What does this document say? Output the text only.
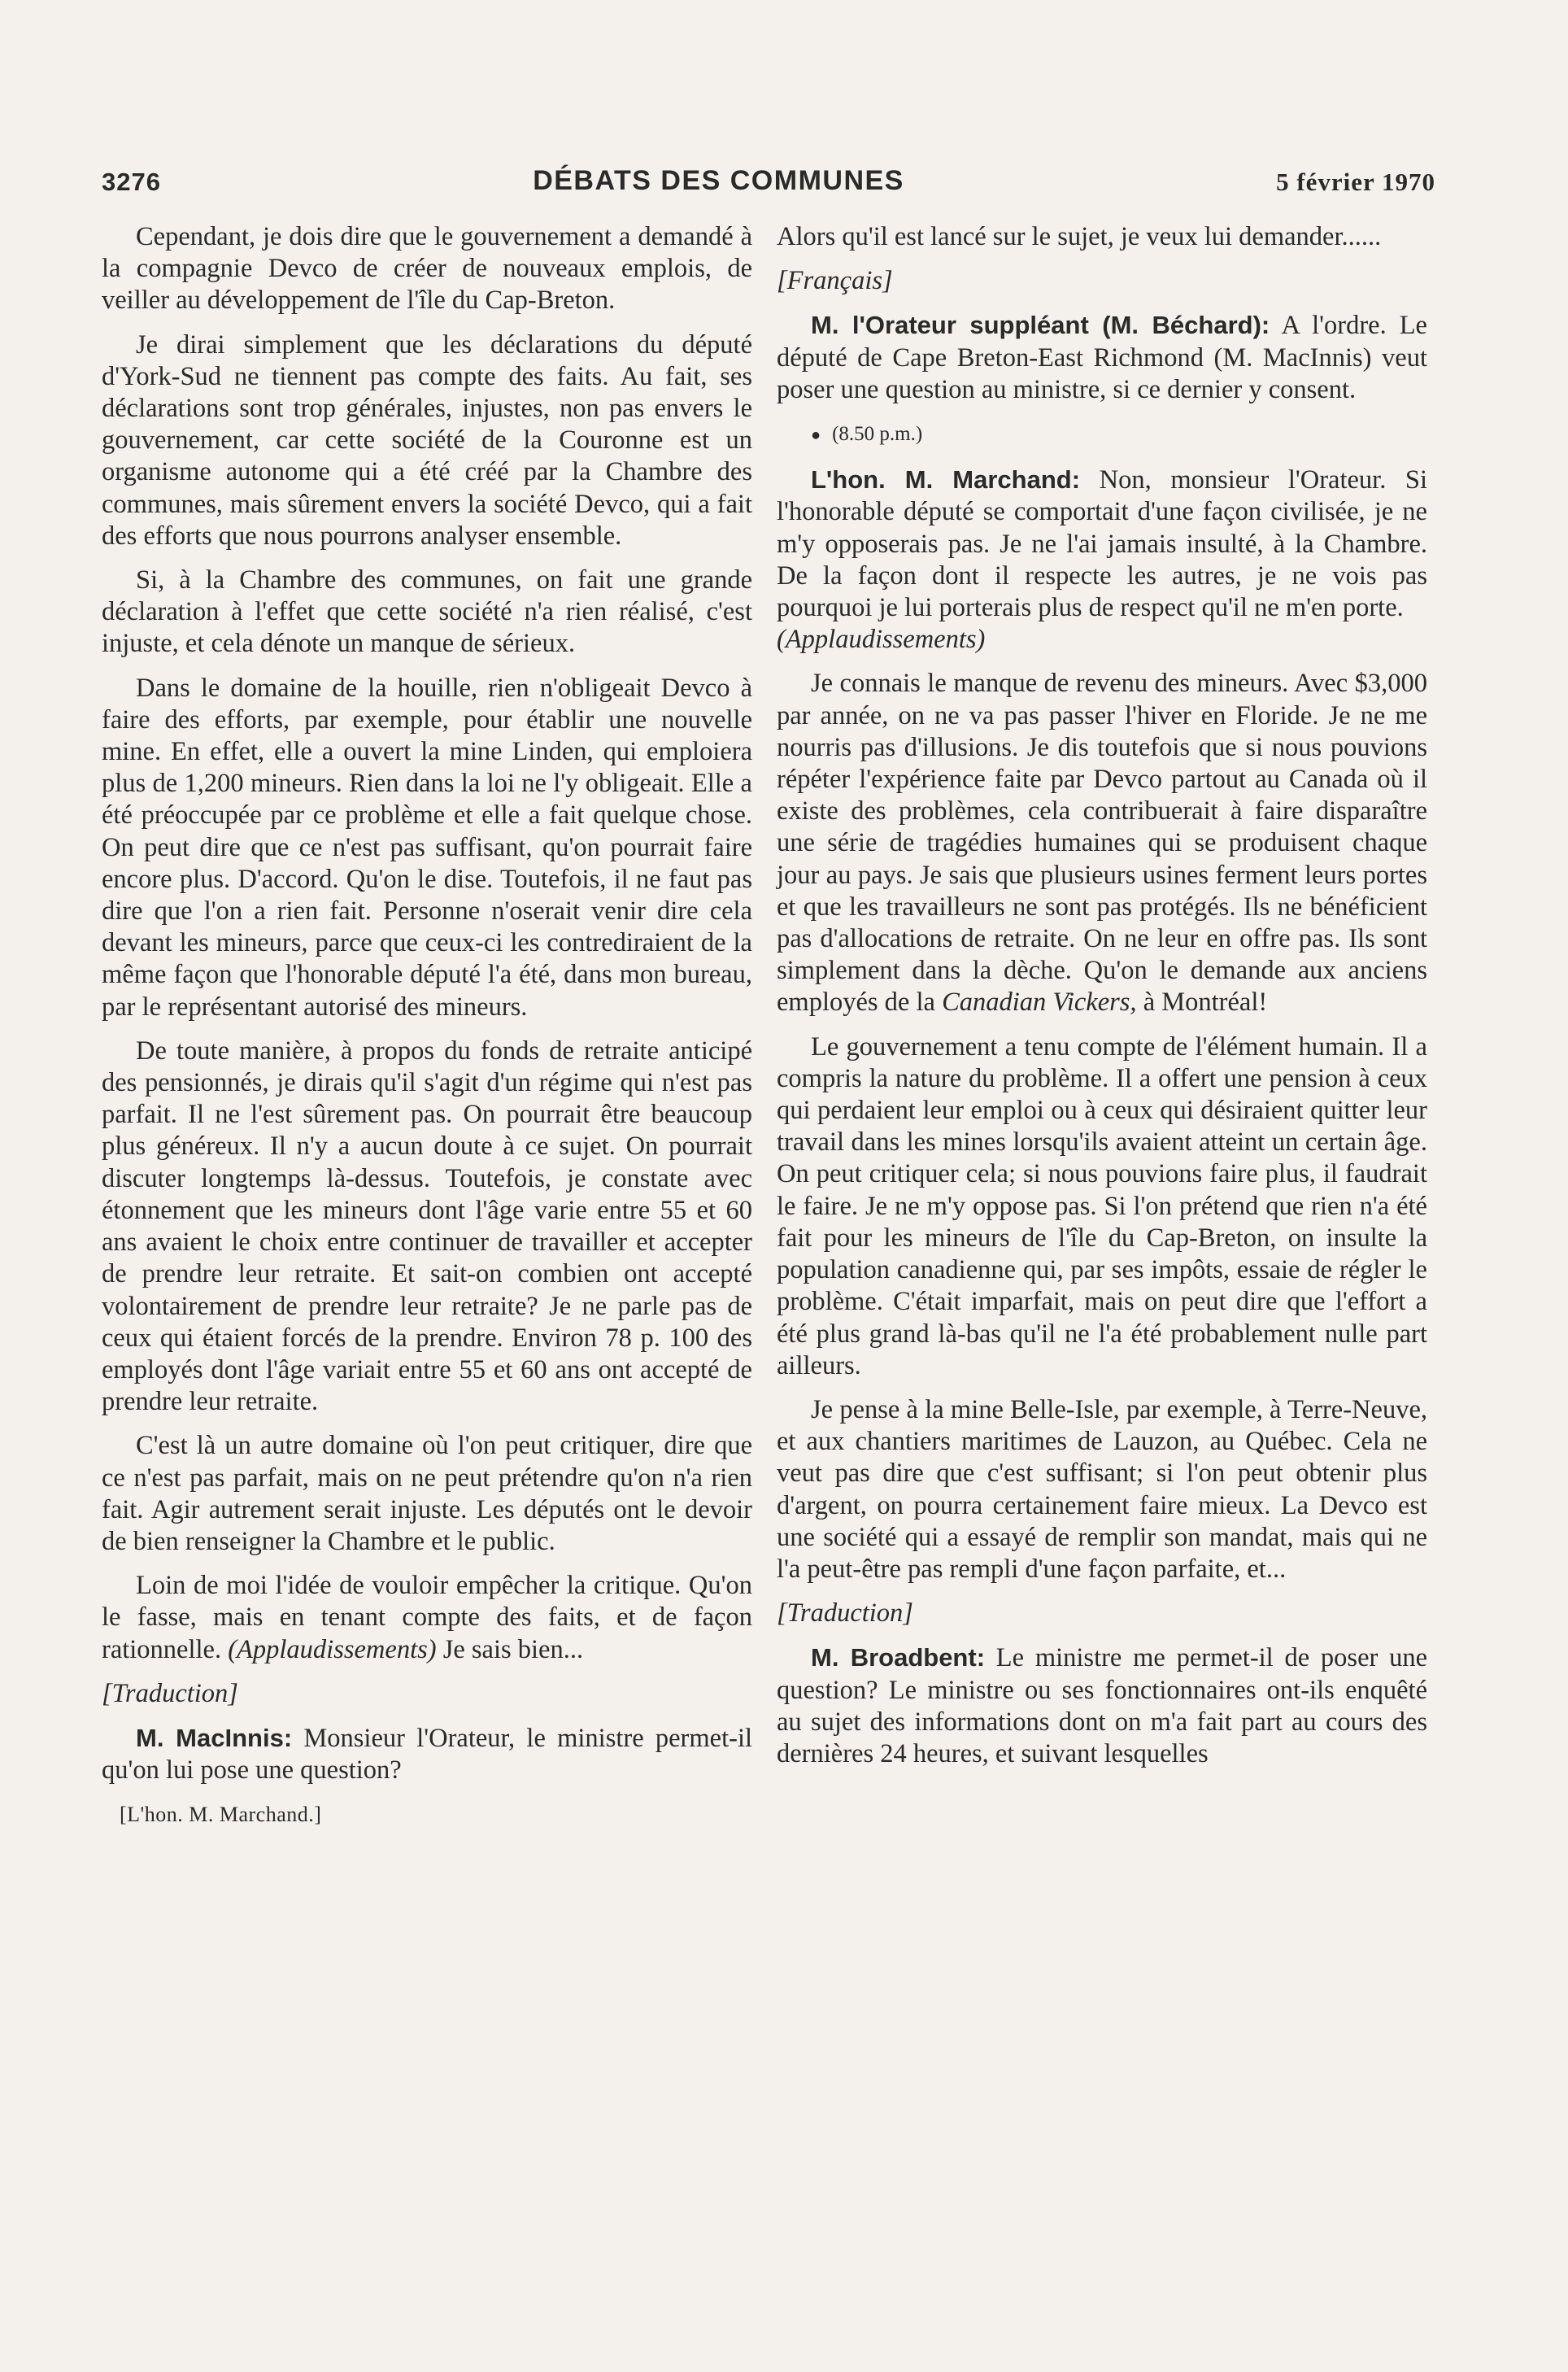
3276	DÉBATS DES COMMUNES	5 février 1970

Cependant, je dois dire que le gouvernement a demandé à la compagnie Devco de créer de nouveaux emplois, de veiller au développement de l'île du Cap-Breton.

Je dirai simplement que les déclarations du député d'York-Sud ne tiennent pas compte des faits. Au fait, ses déclarations sont trop générales, injustes, non pas envers le gouvernement, car cette société de la Couronne est un organisme autonome qui a été créé par la Chambre des communes, mais sûrement envers la société Devco, qui a fait des efforts que nous pourrons analyser ensemble.

Si, à la Chambre des communes, on fait une grande déclaration à l'effet que cette société n'a rien réalisé, c'est injuste, et cela dénote un manque de sérieux.

Dans le domaine de la houille, rien n'obligeait Devco à faire des efforts, par exemple, pour établir une nouvelle mine. En effet, elle a ouvert la mine Linden, qui emploiera plus de 1,200 mineurs. Rien dans la loi ne l'y obligeait. Elle a été préoccupée par ce problème et elle a fait quelque chose. On peut dire que ce n'est pas suffisant, qu'on pourrait faire encore plus. D'accord. Qu'on le dise. Toutefois, il ne faut pas dire que l'on a rien fait. Personne n'oserait venir dire cela devant les mineurs, parce que ceux-ci les contrediraient de la même façon que l'honorable député l'a été, dans mon bureau, par le représentant autorisé des mineurs.

De toute manière, à propos du fonds de retraite anticipé des pensionnés, je dirais qu'il s'agit d'un régime qui n'est pas parfait. Il ne l'est sûrement pas. On pourrait être beaucoup plus généreux. Il n'y a aucun doute à ce sujet. On pourrait discuter longtemps là-dessus. Toutefois, je constate avec étonnement que les mineurs dont l'âge varie entre 55 et 60 ans avaient le choix entre continuer de travailler et accepter de prendre leur retraite. Et sait-on combien ont accepté volontairement de prendre leur retraite? Je ne parle pas de ceux qui étaient forcés de la prendre. Environ 78 p. 100 des employés dont l'âge variait entre 55 et 60 ans ont accepté de prendre leur retraite.

C'est là un autre domaine où l'on peut critiquer, dire que ce n'est pas parfait, mais on ne peut prétendre qu'on n'a rien fait. Agir autrement serait injuste. Les députés ont le devoir de bien renseigner la Chambre et le public.

Loin de moi l'idée de vouloir empêcher la critique. Qu'on le fasse, mais en tenant compte des faits, et de façon rationnelle. (Applaudissements) Je sais bien...

[Traduction]

M. MacInnis: Monsieur l'Orateur, le ministre permet-il qu'on lui pose une question?

[L'hon. M. Marchand.]

Alors qu'il est lancé sur le sujet, je veux lui demander......

[Français]

M. l'Orateur suppléant (M. Béchard): A l'ordre. Le député de Cape Breton-East Richmond (M. MacInnis) veut poser une question au ministre, si ce dernier y consent.

● (8.50 p.m.)

L'hon. M. Marchand: Non, monsieur l'Orateur. Si l'honorable député se comportait d'une façon civilisée, je ne m'y opposerais pas. Je ne l'ai jamais insulté, à la Chambre. De la façon dont il respecte les autres, je ne vois pas pourquoi je lui porterais plus de respect qu'il ne m'en porte.
(Applaudissements)

Je connais le manque de revenu des mineurs. Avec $3,000 par année, on ne va pas passer l'hiver en Floride. Je ne me nourris pas d'illusions. Je dis toutefois que si nous pouvions répéter l'expérience faite par Devco partout au Canada où il existe des problèmes, cela contribuerait à faire disparaître une série de tragédies humaines qui se produisent chaque jour au pays. Je sais que plusieurs usines ferment leurs portes et que les travailleurs ne sont pas protégés. Ils ne bénéficient pas d'allocations de retraite. On ne leur en offre pas. Ils sont simplement dans la dèche. Qu'on le demande aux anciens employés de la Canadian Vickers, à Montréal!

Le gouvernement a tenu compte de l'élément humain. Il a compris la nature du problème. Il a offert une pension à ceux qui perdaient leur emploi ou à ceux qui désiraient quitter leur travail dans les mines lorsqu'ils avaient atteint un certain âge. On peut critiquer cela; si nous pouvions faire plus, il faudrait le faire. Je ne m'y oppose pas. Si l'on prétend que rien n'a été fait pour les mineurs de l'île du Cap-Breton, on insulte la population canadienne qui, par ses impôts, essaie de régler le problème. C'était imparfait, mais on peut dire que l'effort a été plus grand là-bas qu'il ne l'a été probablement nulle part ailleurs.

Je pense à la mine Belle-Isle, par exemple, à Terre-Neuve, et aux chantiers maritimes de Lauzon, au Québec. Cela ne veut pas dire que c'est suffisant; si l'on peut obtenir plus d'argent, on pourra certainement faire mieux. La Devco est une société qui a essayé de remplir son mandat, mais qui ne l'a peut-être pas rempli d'une façon parfaite, et...

[Traduction]

M. Broadbent: Le ministre me permet-il de poser une question? Le ministre ou ses fonctionnaires ont-ils enquêté au sujet des informations dont on m'a fait part au cours des dernières 24 heures, et suivant lesquelles
